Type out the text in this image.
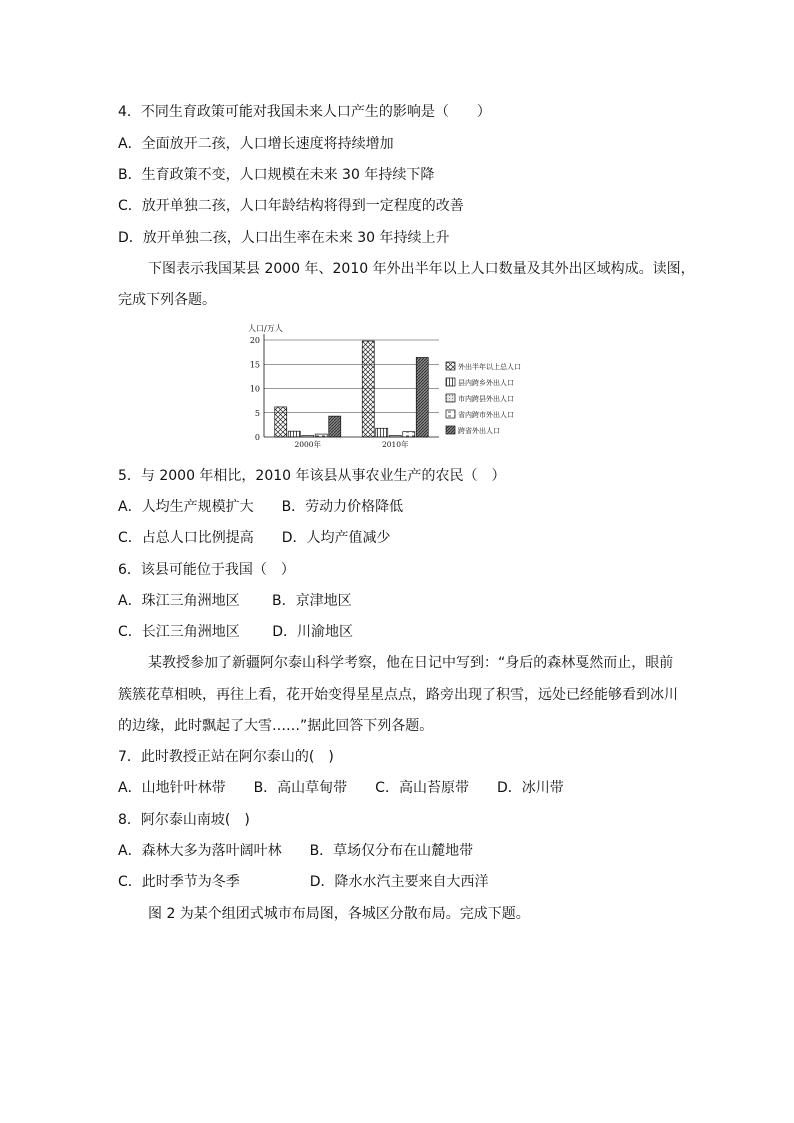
4．不同生育政策可能对我国未来人口产生的影响是（　　）
A．全面放开二孩，人口增长速度将持续增加
B．生育政策不变，人口规模在未来 30 年持续下降
C．放开单独二孩，人口年龄结构将得到一定程度的改善
D．放开单独二孩，人口出生率在未来 30 年持续上升
下图表示我国某县 2000 年、2010 年外出半年以上人口数量及其外出区域构成。读图，
完成下列各题。
人口/万人
0
5
10
15
20
2000年	2010年
外出半年以上总人口
县内跨乡外出人口
市内跨县外出人口
省内跨市外出人口
跨省外出人口
5．与 2000 年相比，2010 年该县从事农业生产的农民（　）
A．人均生产规模扩大　　B．劳动力价格降低
C．占总人口比例提高　　D．人均产值减少
6．该县可能位于我国（　）
A．珠江三角洲地区　　 B．京津地区
C．长江三角洲地区　　 D．川渝地区
某教授参加了新疆阿尔泰山科学考察，他在日记中写到：“身后的森林戛然而止，眼前
簇簇花草相映，再往上看，花开始变得星星点点，路旁出现了积雪，远处已经能够看到冰川
的边缘，此时飘起了大雪……”据此回答下列各题。
7．此时教授正站在阿尔泰山的(　)
A．山地针叶林带　　B．高山草甸带　　C．高山苔原带　　D．冰川带
8．阿尔泰山南坡(　)
A．森林大多为落叶阔叶林　　B．草场仅分布在山麓地带
C．此时季节为冬季　　　　　D．降水水汽主要来自大西洋
图 2 为某个组团式城市布局图，各城区分散布局。完成下题。
